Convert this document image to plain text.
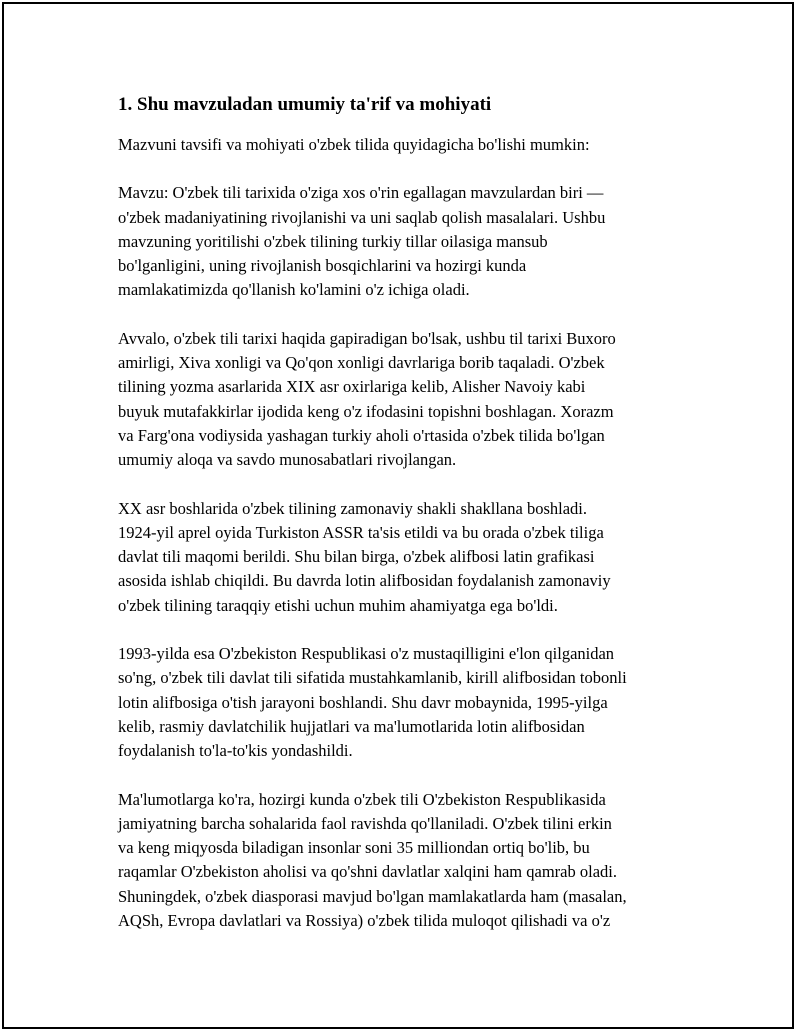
1. Shu mavzuladan umumiy ta'rif va mohiyati

Mazvuni tavsifi va mohiyati o'zbek tilida quyidagicha bo'lishi mumkin:

Mavzu: O'zbek tili tarixida o'ziga xos o'rin egallagan mavzulardan biri —
o'zbek madaniyatining rivojlanishi va uni saqlab qolish masalalari. Ushbu
mavzuning yoritilishi o'zbek tilining turkiy tillar oilasiga mansub
bo'lganligini, uning rivojlanish bosqichlarini va hozirgi kunda
mamlakatimizda qo'llanish ko'lamini o'z ichiga oladi.

Avvalo, o'zbek tili tarixi haqida gapiradigan bo'lsak, ushbu til tarixi Buxoro
amirligi, Xiva xonligi va Qo'qon xonligi davrlariga borib taqaladi. O'zbek
tilining yozma asarlarida XIX asr oxirlariga kelib, Alisher Navoiy kabi
buyuk mutafakkirlar ijodida keng o'z ifodasini topishni boshlagan. Xorazm
va Farg'ona vodiysida yashagan turkiy aholi o'rtasida o'zbek tilida bo'lgan
umumiy aloqa va savdo munosabatlari rivojlangan.

XX asr boshlarida o'zbek tilining zamonaviy shakli shakllana boshladi.
1924-yil aprel oyida Turkiston ASSR ta'sis etildi va bu orada o'zbek tiliga
davlat tili maqomi berildi. Shu bilan birga, o'zbek alifbosi latin grafikasi
asosida ishlab chiqildi. Bu davrda lotin alifbosidan foydalanish zamonaviy
o'zbek tilining taraqqiy etishi uchun muhim ahamiyatga ega bo'ldi.

1993-yilda esa O'zbekiston Respublikasi o'z mustaqilligini e'lon qilganidan
so'ng, o'zbek tili davlat tili sifatida mustahkamlanib, kirill alifbosidan tobonli
lotin alifbosiga o'tish jarayoni boshlandi. Shu davr mobaynida, 1995-yilga
kelib, rasmiy davlatchilik hujjatlari va ma'lumotlarida lotin alifbosidan
foydalanish to'la-to'kis yondashildi.

Ma'lumotlarga ko'ra, hozirgi kunda o'zbek tili O'zbekiston Respublikasida
jamiyatning barcha sohalarida faol ravishda qo'llaniladi. O'zbek tilini erkin
va keng miqyosda biladigan insonlar soni 35 milliondan ortiq bo'lib, bu
raqamlar O'zbekiston aholisi va qo'shni davlatlar xalqini ham qamrab oladi.
Shuningdek, o'zbek diasporasi mavjud bo'lgan mamlakatlarda ham (masalan,
AQSh, Evropa davlatlari va Rossiya) o'zbek tilida muloqot qilishadi va o'z
